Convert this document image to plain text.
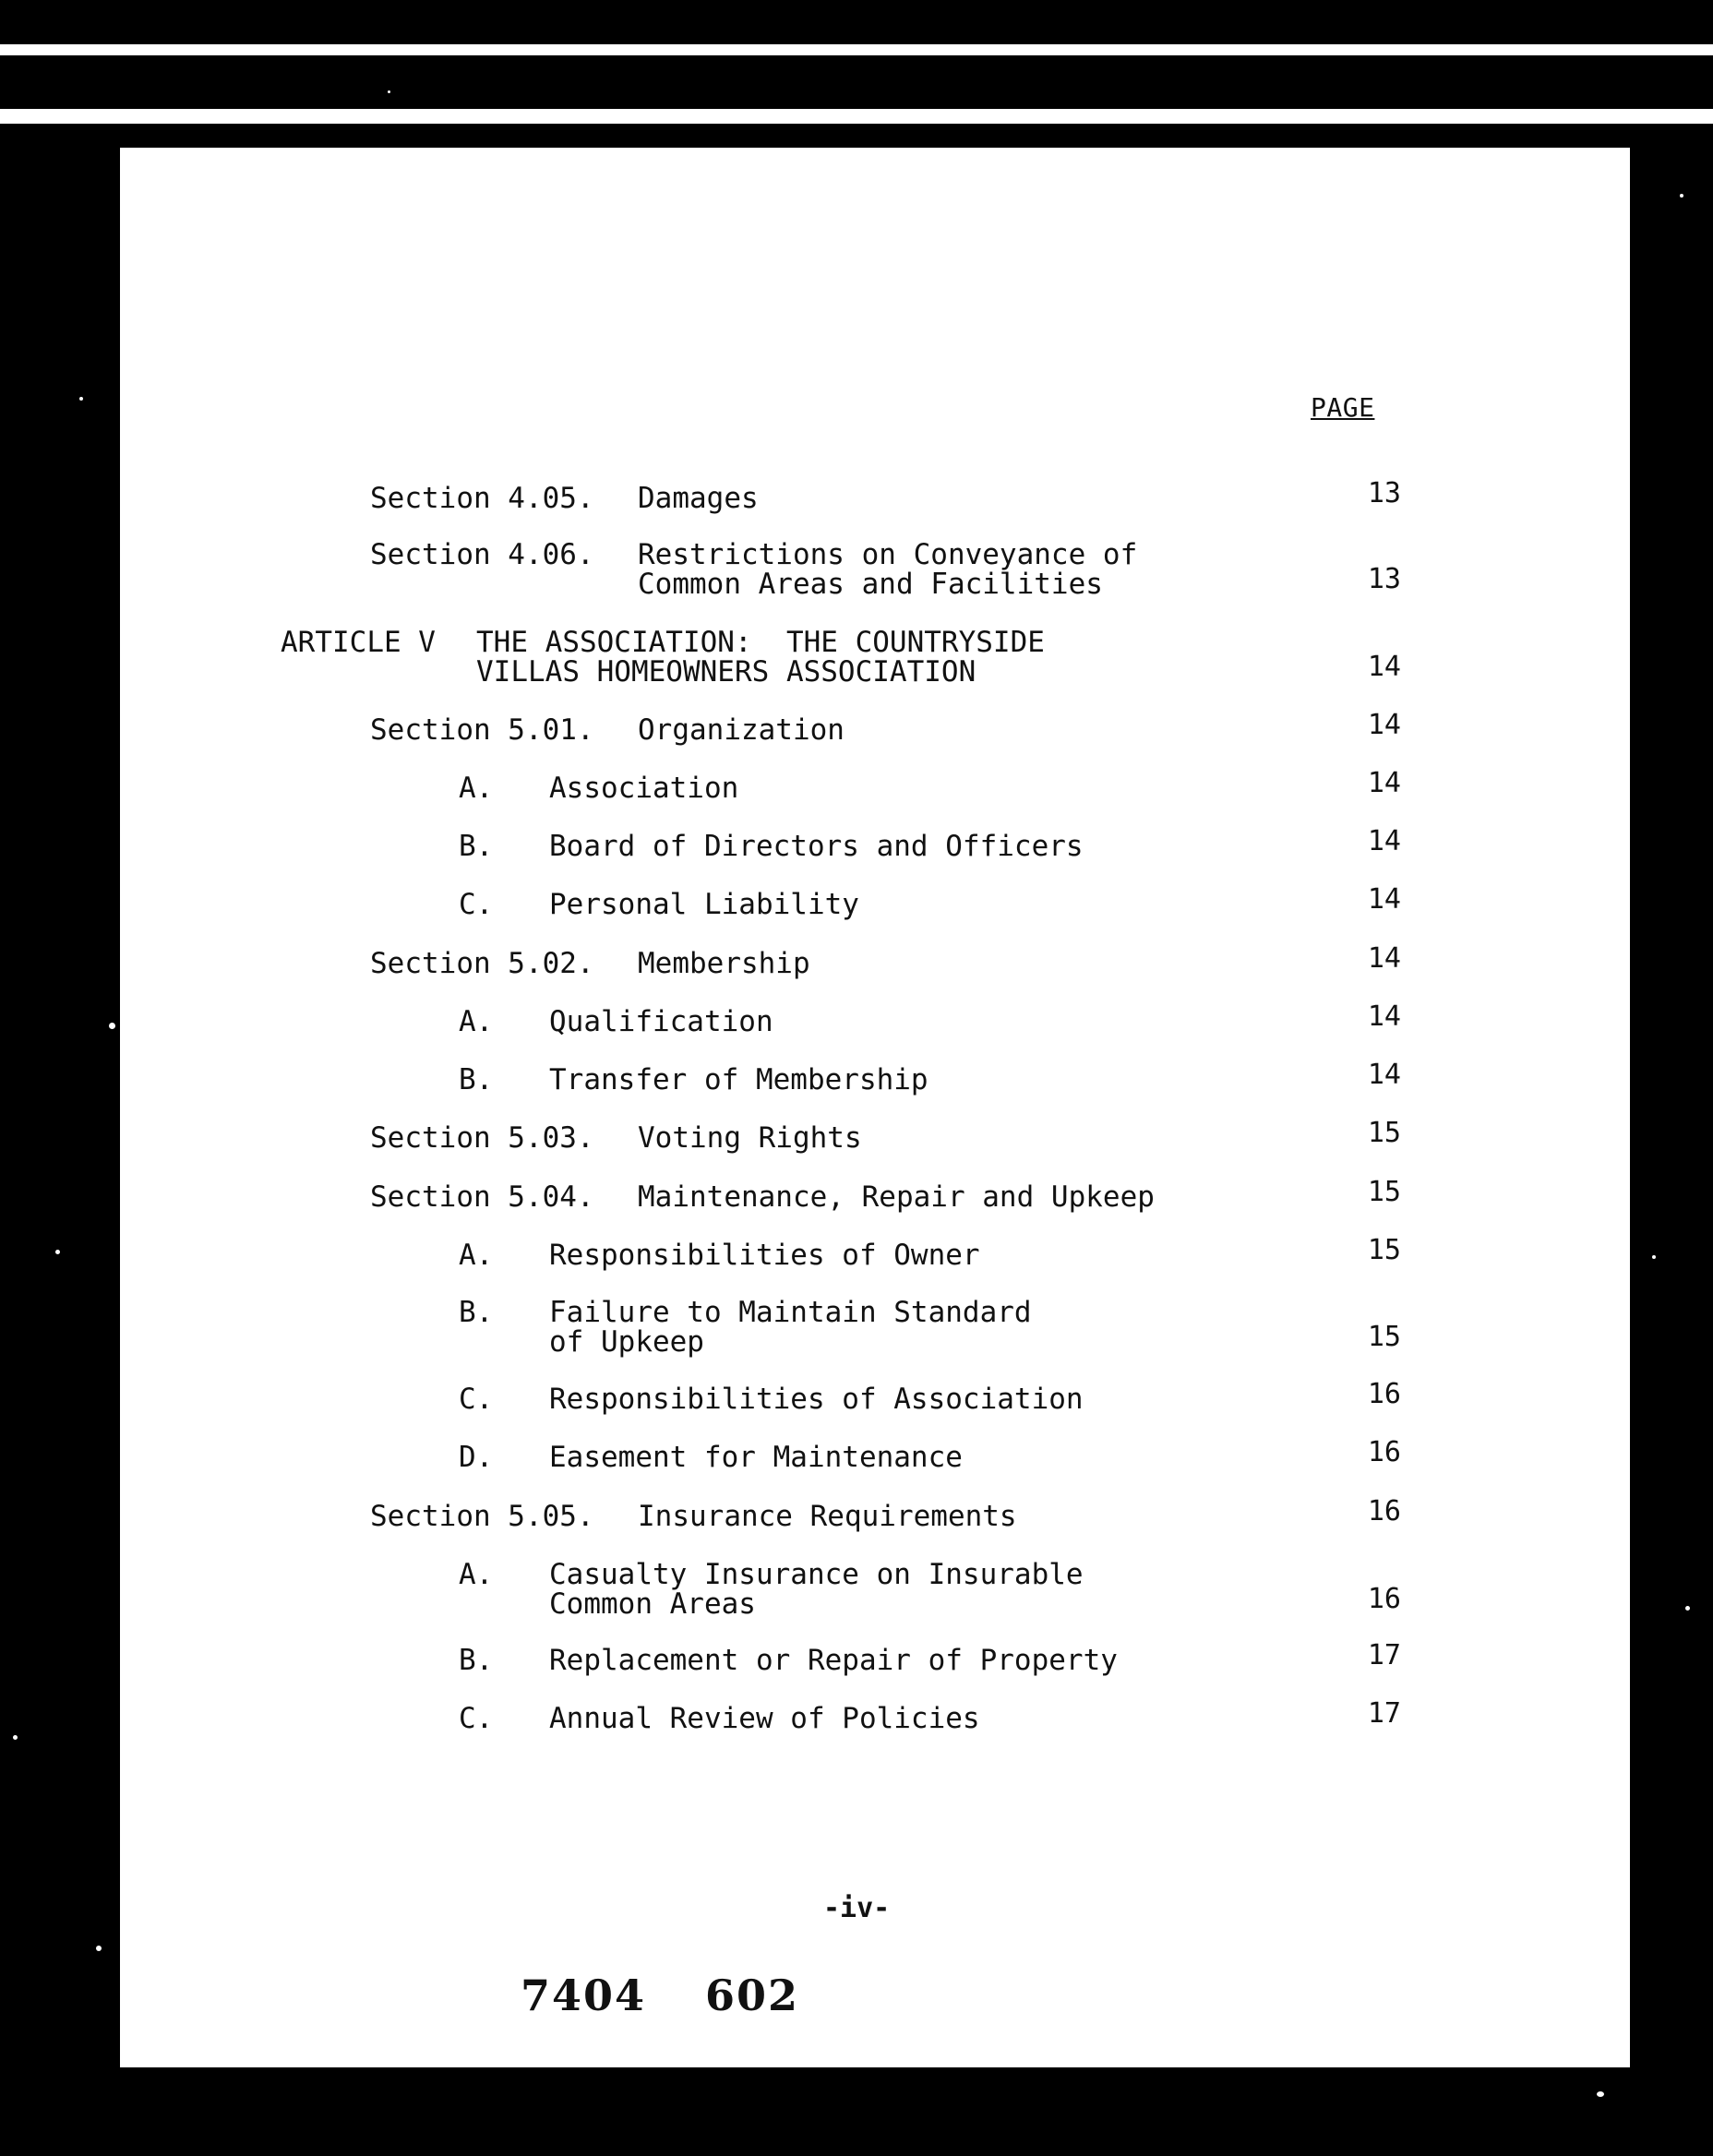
PAGE
Section 4.05. Damages	13
Section 4.06. Restrictions on Conveyance of
Common Areas and Facilities	13
ARTICLE V THE ASSOCIATION:  THE COUNTRYSIDE
VILLAS HOMEOWNERS ASSOCIATION	14
Section 5.01. Organization	14
A. Association	14
B. Board of Directors and Officers	14
C. Personal Liability	14
Section 5.02. Membership	14
A. Qualification	14
B. Transfer of Membership	14
Section 5.03. Voting Rights	15
Section 5.04. Maintenance, Repair and Upkeep	15
A. Responsibilities of Owner	15
B. Failure to Maintain Standard
of Upkeep	15
C. Responsibilities of Association	16
D. Easement for Maintenance	16
Section 5.05. Insurance Requirements	16
A. Casualty Insurance on Insurable
Common Areas	16
B. Replacement or Repair of Property	17
C. Annual Review of Policies	17
-iv-
7404 602
